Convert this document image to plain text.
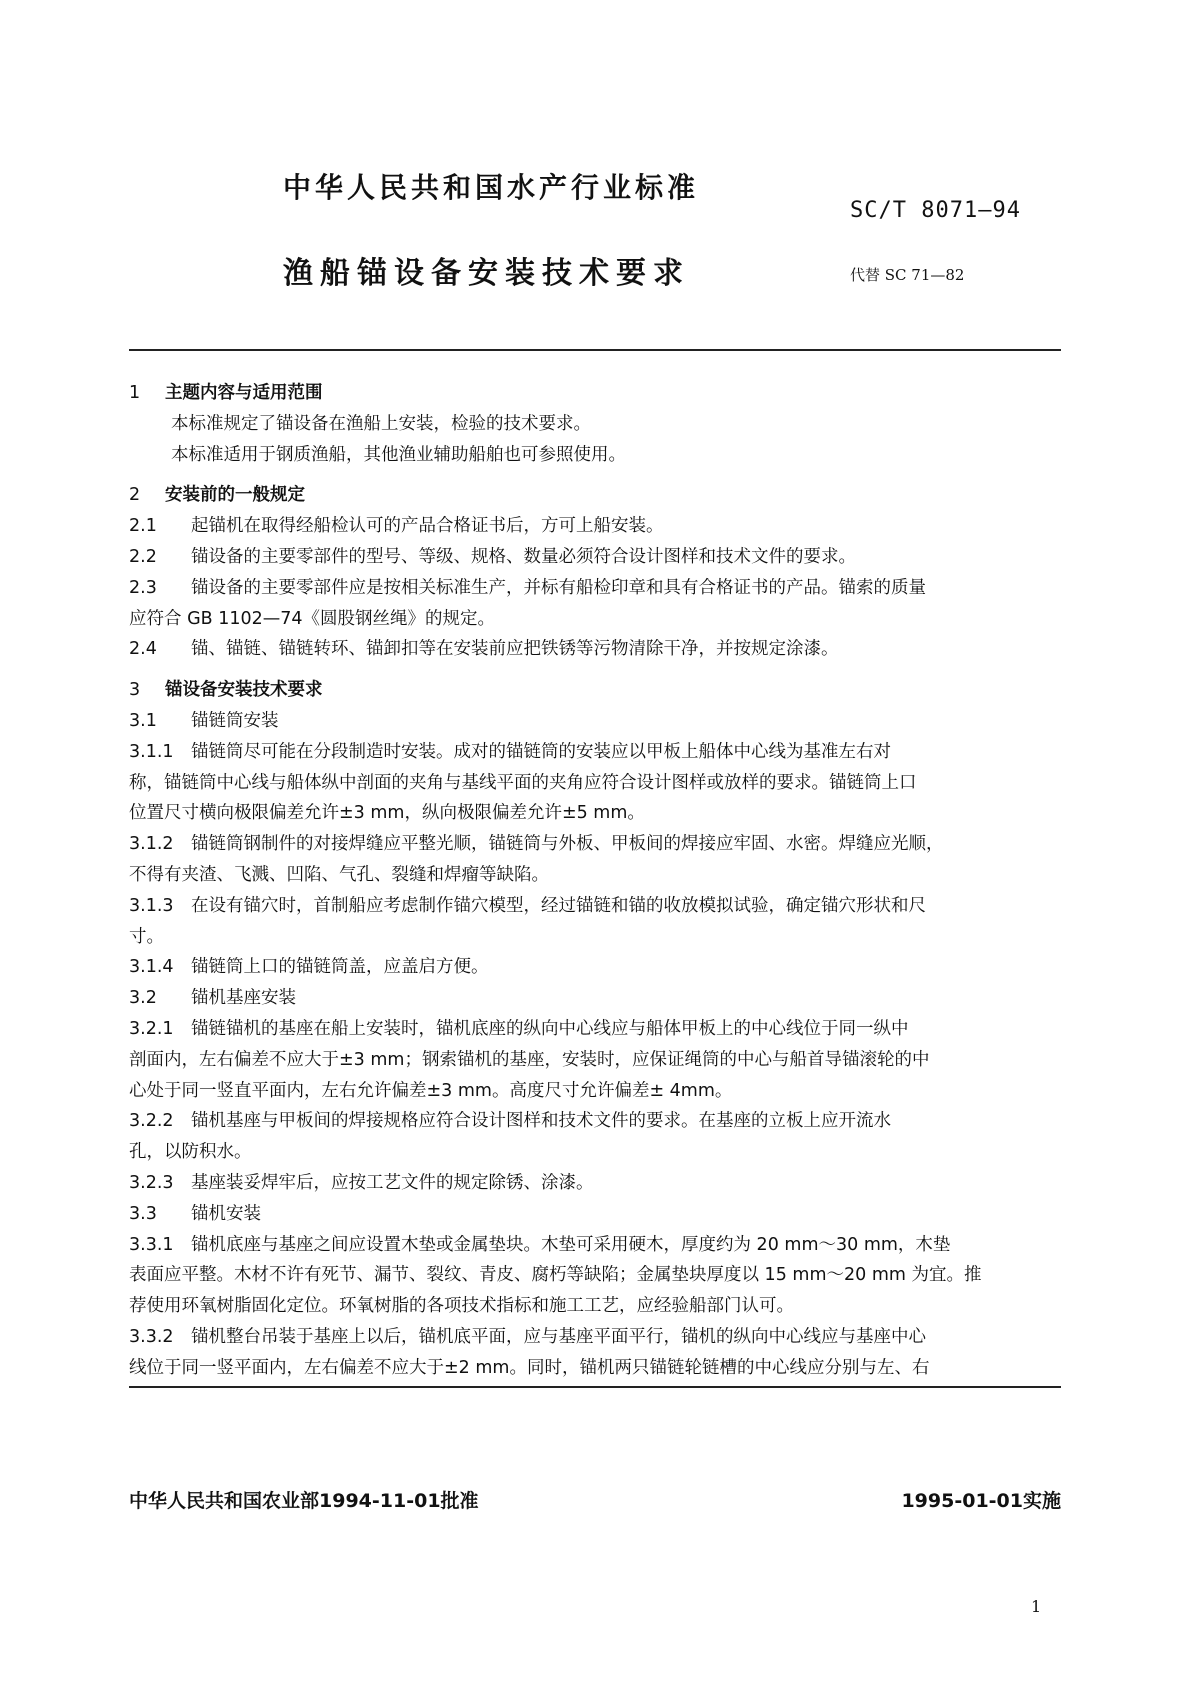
中华人民共和国水产行业标准
SC/T 8071—94
渔船锚设备安装技术要求	代替 SC 71—82

1 主题内容与适用范围

本标准规定了锚设备在渔船上安装，检验的技术要求。

本标准适用于钢质渔船，其他渔业辅助船舶也可参照使用。

2 安装前的一般规定

2.1 起锚机在取得经船检认可的产品合格证书后，方可上船安装。

2.2 锚设备的主要零部件的型号、等级、规格、数量必须符合设计图样和技术文件的要求。

2.3 锚设备的主要零部件应是按相关标准生产，并标有船检印章和具有合格证书的产品。锚索的质量

应符合 GB 1102—74《圆股钢丝绳》的规定。

2.4 锚、锚链、锚链转环、锚卸扣等在安装前应把铁锈等污物清除干净，并按规定涂漆。

3 锚设备安装技术要求

3.1 锚链筒安装

3.1.1 锚链筒尽可能在分段制造时安装。成对的锚链筒的安装应以甲板上船体中心线为基准左右对

称，锚链筒中心线与船体纵中剖面的夹角与基线平面的夹角应符合设计图样或放样的要求。锚链筒上口

位置尺寸横向极限偏差允许±3 mm，纵向极限偏差允许±5 mm。

3.1.2 锚链筒钢制件的对接焊缝应平整光顺，锚链筒与外板、甲板间的焊接应牢固、水密。焊缝应光顺，

不得有夹渣、飞溅、凹陷、气孔、裂缝和焊瘤等缺陷。

3.1.3 在设有锚穴时，首制船应考虑制作锚穴模型，经过锚链和锚的收放模拟试验，确定锚穴形状和尺

寸。

3.1.4 锚链筒上口的锚链筒盖，应盖启方便。

3.2 锚机基座安装

3.2.1 锚链锚机的基座在船上安装时，锚机底座的纵向中心线应与船体甲板上的中心线位于同一纵中

剖面内，左右偏差不应大于±3 mm；钢索锚机的基座，安装时，应保证绳筒的中心与船首导锚滚轮的中

心处于同一竖直平面内，左右允许偏差±3 mm。高度尺寸允许偏差± 4mm。

3.2.2 锚机基座与甲板间的焊接规格应符合设计图样和技术文件的要求。在基座的立板上应开流水

孔，以防积水。

3.2.3 基座装妥焊牢后，应按工艺文件的规定除锈、涂漆。

3.3 锚机安装

3.3.1 锚机底座与基座之间应设置木垫或金属垫块。木垫可采用硬木，厚度约为 20 mm～30 mm，木垫

表面应平整。木材不许有死节、漏节、裂纹、青皮、腐朽等缺陷；金属垫块厚度以 15 mm～20 mm 为宜。推

荐使用环氧树脂固化定位。环氧树脂的各项技术指标和施工工艺，应经验船部门认可。

3.3.2 锚机整台吊装于基座上以后，锚机底平面，应与基座平面平行，锚机的纵向中心线应与基座中心

线位于同一竖平面内，左右偏差不应大于±2 mm。同时，锚机两只锚链轮链槽的中心线应分别与左、右

中华人民共和国农业部1994-11-01批准	1995-01-01实施
1
